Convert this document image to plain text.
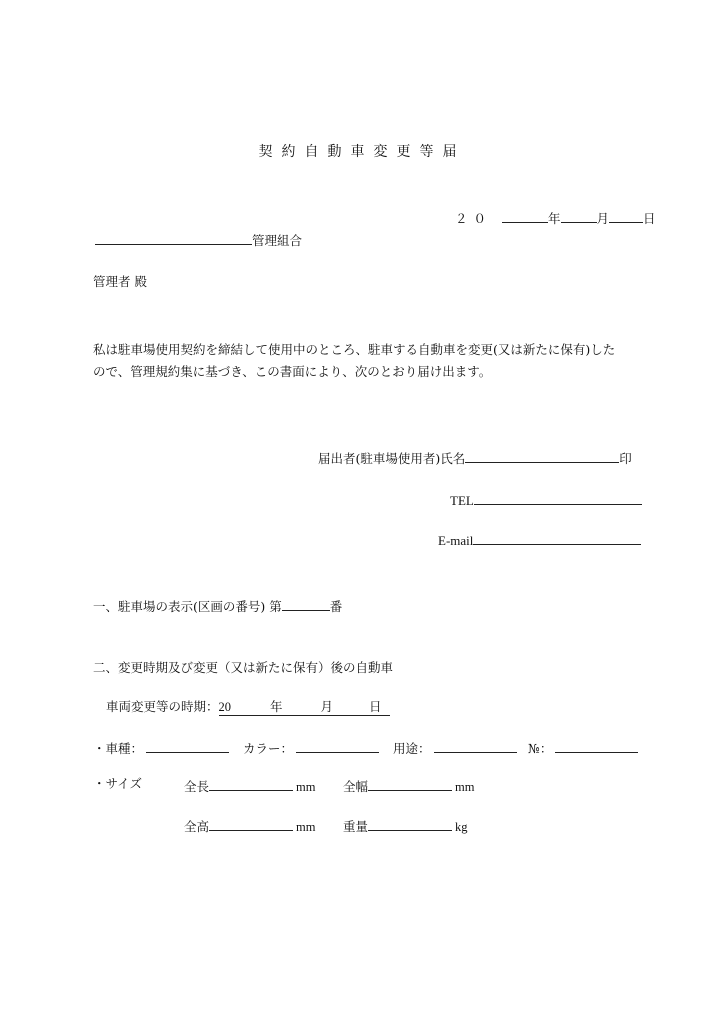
契約自動車変更等届
２０	年	月	日
管理組合
管理者 殿
私は駐車場使用契約を締結して使用中のところ、駐車する自動車を変更(又は新たに保有)した
ので、管理規約集に基づき、この書面により、次のとおり届け出ます。
届出者(駐車場使用者)氏名	印
TEL
E-mail
一、駐車場の表示(区画の番号) 第	番
二、変更時期及び変更（又は新たに保有）後の自動車
車両変更等の時期：20	年	月	日
・車種：	カラー：	用途：	№：
・サイズ	全長	mm 全幅	mm
全高	mm 重量	kg
